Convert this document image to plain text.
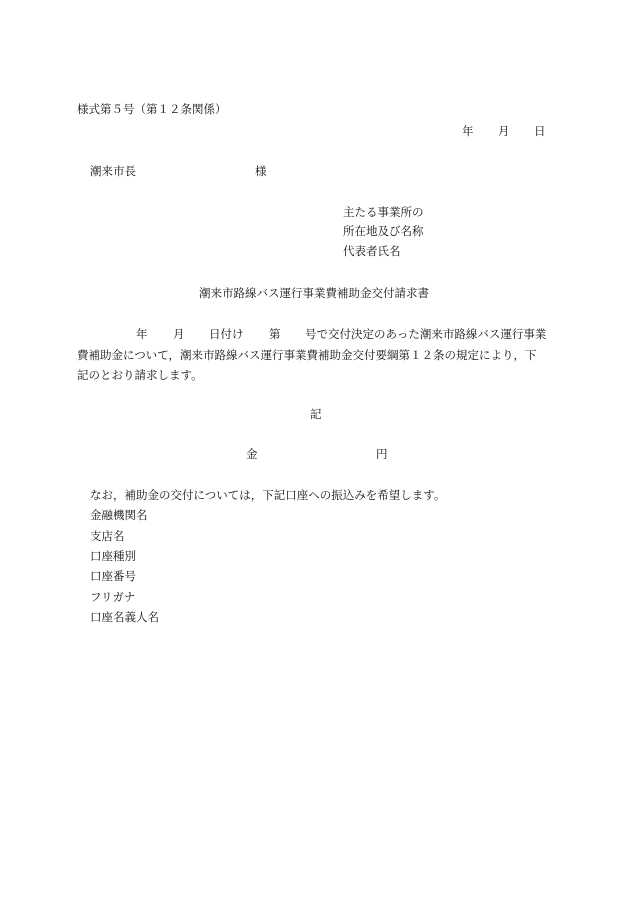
様式第５号（第１２条関係）
年 月 日
潮来市長	様
主たる事業所の
所在地及び名称
代表者氏名
潮来市路線バス運行事業費補助金交付請求書
年 月 日付け 第 号で交付決定のあった潮来市路線バス運行事業
費補助金について，潮来市路線バス運行事業費補助金交付要綱第１２条の規定により，下
記のとおり請求します。
記
金	円
なお，補助金の交付については，下記口座への振込みを希望します。
金融機関名
支店名
口座種別
口座番号
フリガナ
口座名義人名
